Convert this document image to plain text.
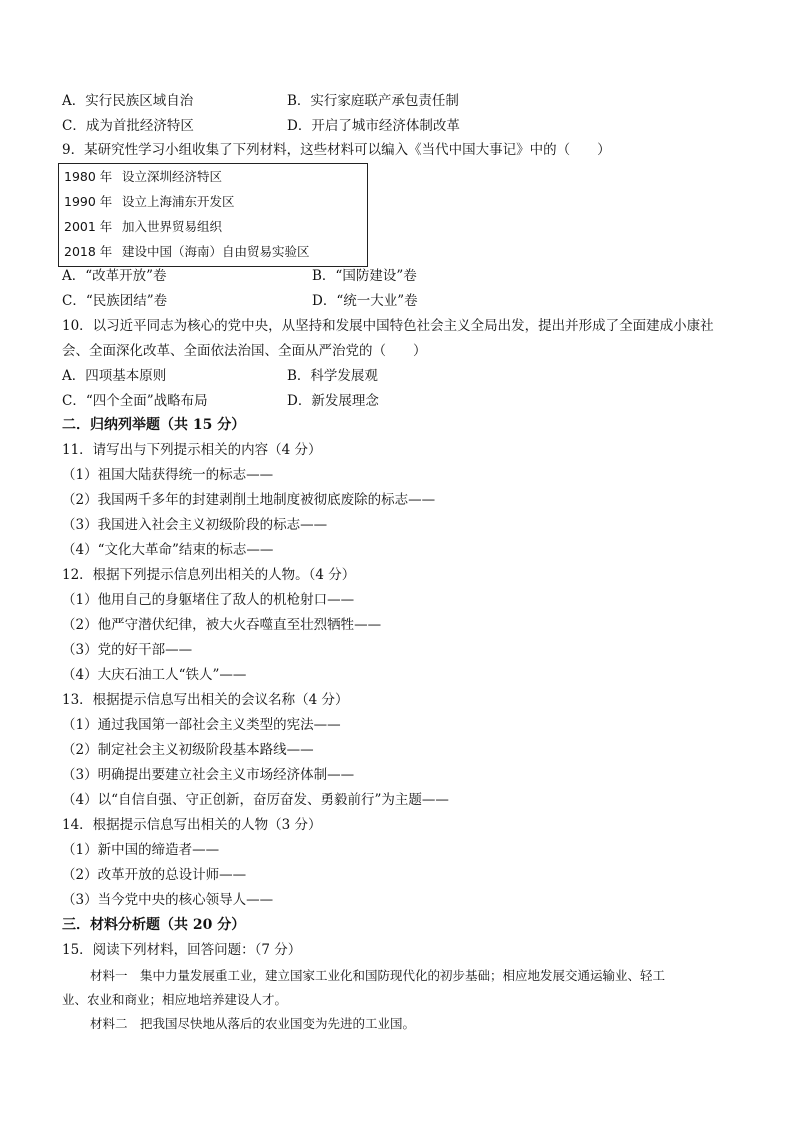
A．实行民族区域自治	B．实行家庭联产承包责任制
C．成为首批经济特区	D．开启了城市经济体制改革
9．某研究性学习小组收集了下列材料，这些材料可以编入《当代中国大事记》中的（　　）
1980 年 设立深圳经济特区
1990 年 设立上海浦东开发区
2001 年 加入世界贸易组织
2018 年 建设中国（海南）自由贸易实验区
A．“改革开放”卷	B．“国防建设”卷
C．“民族团结”卷	D．“统一大业”卷
10．以习近平同志为核心的党中央，从坚持和发展中国特色社会主义全局出发，提出并形成了全面建成小康社
会、全面深化改革、全面依法治国、全面从严治党的（　　）
A．四项基本原则	B．科学发展观
C．“四个全面”战略布局	D．新发展理念
二．归纳列举题（共 15 分）
11．请写出与下列提示相关的内容（4 分）
（1）祖国大陆获得统一的标志——
（2）我国两千多年的封建剥削土地制度被彻底废除的标志——
（3）我国进入社会主义初级阶段的标志——
（4）“文化大革命”结束的标志——
12．根据下列提示信息列出相关的人物。（4 分）
（1）他用自己的身躯堵住了敌人的机枪射口——
（2）他严守潜伏纪律，被大火吞噬直至壮烈牺牲——
（3）党的好干部——
（4）大庆石油工人“铁人”——
13．根据提示信息写出相关的会议名称（4 分）
（1）通过我国第一部社会主义类型的宪法——
（2）制定社会主义初级阶段基本路线——
（3）明确提出要建立社会主义市场经济体制——
（4）以“自信自强、守正创新，奋厉奋发、勇毅前行”为主题——
14．根据提示信息写出相关的人物（3 分）
（1）新中国的缔造者——
（2）改革开放的总设计师——
（3）当今党中央的核心领导人——
三．材料分析题（共 20 分）
15．阅读下列材料，回答问题：（7 分）
材料一　集中力量发展重工业，建立国家工业化和国防现代化的初步基础；相应地发展交通运输业、轻工
业、农业和商业；相应地培养建设人才。
材料二　把我国尽快地从落后的农业国变为先进的工业国。
